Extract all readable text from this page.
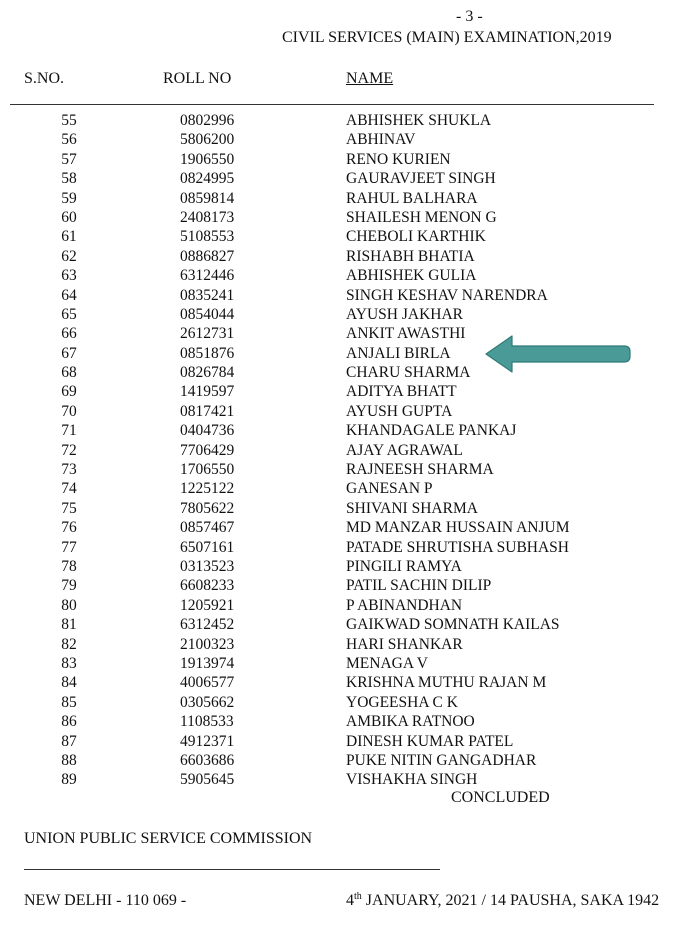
- 3 -
CIVIL SERVICES (MAIN) EXAMINATION,2019
S.NO.	ROLL NO	NAME
55	0802996	ABHISHEK SHUKLA
56	5806200	ABHINAV
57	1906550	RENO KURIEN
58	0824995	GAURAVJEET SINGH
59	0859814	RAHUL BALHARA
60	2408173	SHAILESH MENON G
61	5108553	CHEBOLI KARTHIK
62	0886827	RISHABH BHATIA
63	6312446	ABHISHEK GULIA
64	0835241	SINGH KESHAV NARENDRA
65	0854044	AYUSH JAKHAR
66	2612731	ANKIT AWASTHI
67	0851876	ANJALI BIRLA
68	0826784	CHARU SHARMA
69	1419597	ADITYA BHATT
70	0817421	AYUSH GUPTA
71	0404736	KHANDAGALE PANKAJ
72	7706429	AJAY AGRAWAL
73	1706550	RAJNEESH SHARMA
74	1225122	GANESAN P
75	7805622	SHIVANI SHARMA
76	0857467	MD MANZAR HUSSAIN ANJUM
77	6507161	PATADE SHRUTISHA SUBHASH
78	0313523	PINGILI RAMYA
79	6608233	PATIL SACHIN DILIP
80	1205921	P ABINANDHAN
81	6312452	GAIKWAD SOMNATH KAILAS
82	2100323	HARI SHANKAR
83	1913974	MENAGA V
84	4006577	KRISHNA MUTHU RAJAN M
85	0305662	YOGEESHA C K
86	1108533	AMBIKA RATNOO
87	4912371	DINESH KUMAR PATEL
88	6603686	PUKE NITIN GANGADHAR
89	5905645	VISHAKHA SINGH
CONCLUDED
UNION PUBLIC SERVICE COMMISSION
NEW DELHI - 110 069 -	4th JANUARY, 2021 / 14 PAUSHA, SAKA 1942
